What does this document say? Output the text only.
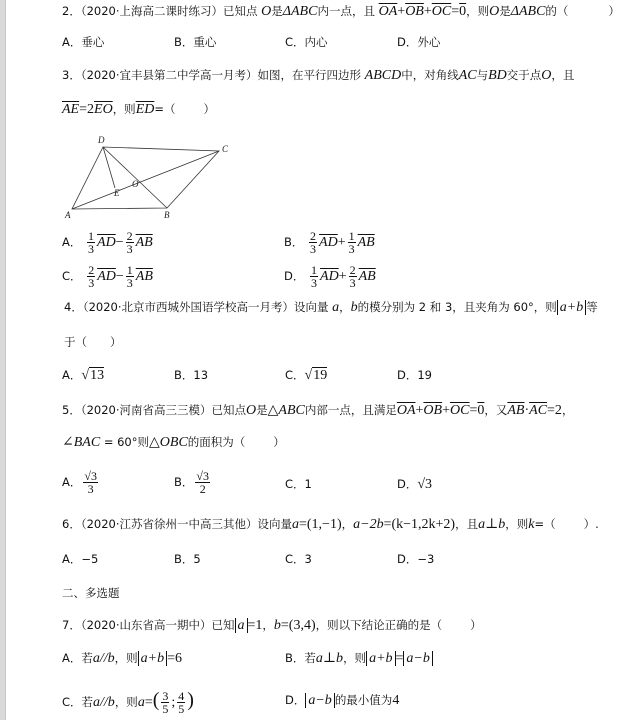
2．（2020·上海高二课时练习）已知点 O是ΔABC内一点，且 $\overline{OA}+\overline{OB}+\overline{OC}=0$，则O是ΔABC的（	）
A．垂心	B．重心	C．内心	D．外心
3．（2020·宜丰县第二中学高一月考）如图，在平行四边形 ABCD中，对角线AC与BD交于点O，且
$\overline{AE}=2\overline{EO}$，则$\overline{ED}=$（ ）
D
C
A	B
E
O
A． $\frac{1}{3} \overline{AD}- \frac{2}{3} \overline{AB}$	B． $\frac{2}{3} \overline{AD}+ \frac{1}{3} \overline{AB}$
C． $\frac{2}{3} \overline{AD}- \frac{1}{3} \overline{AB}$	D． $\frac{1}{3} \overline{AD}+ \frac{2}{3} \overline{AB}$
4．（2020·北京市西城外国语学校高一月考）设向量 a，b的模分别为 2 和 3，且夹角为 60°，则 a+b 等
于（　　）
A．√13	B．13	C．√19	D．19
5．（2020·河南省高三三模）已知点O是△ABC内部一点，且满足$\overline{OA}+\overline{OB}+\overline{OC}=0$，又$\overline{AB}\cdot\overline{AC}=2$，
∠BAC = 60°则△OBC的面积为（ ）
A． $\frac{√3}{3}$	B． $\frac{√3}{2}$	C．1	D．√3
6．（2020·江苏省徐州一中高三其他）设向量a=(1,−1)，a−2b=(k−1,2k+2)，且a⊥b，则k=（ ）.
A．−5	B．5	C．3	D．−3
二、多选题
7．（2020·山东省高一期中）已知 a =1，b=(3,4)，则以下结论正确的是（ ）
A．若a//b，则 a+b =6	B．若a⊥b，则 a+b = a−b
C．若a//b，则$a=( \frac{3}{5}$ ; $\frac{4}{5}$ )	D． a−b 的最小值为4
